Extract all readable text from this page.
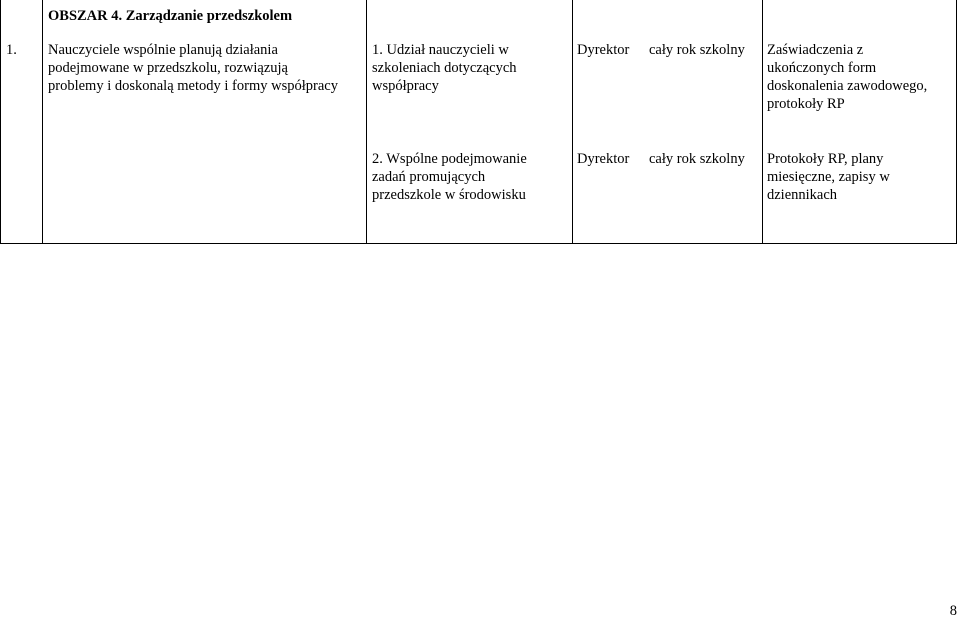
1.
OBSZAR 4. Zarządzanie przedszkolem
Nauczyciele wspólnie planują działania
podejmowane w przedszkolu, rozwiązują
problemy i doskonalą metody i formy współpracy
1. Udział nauczycieli w
szkoleniach dotyczących
współpracy
Dyrektor cały rok szkolny Zaświadczenia z
ukończonych form
doskonalenia zawodowego,
protokoły RP
2. Wspólne podejmowanie
zadań promujących
przedszkole w środowisku
Dyrektor cały rok szkolny Protokoły RP, plany
miesięczne, zapisy w
dziennikach
8
